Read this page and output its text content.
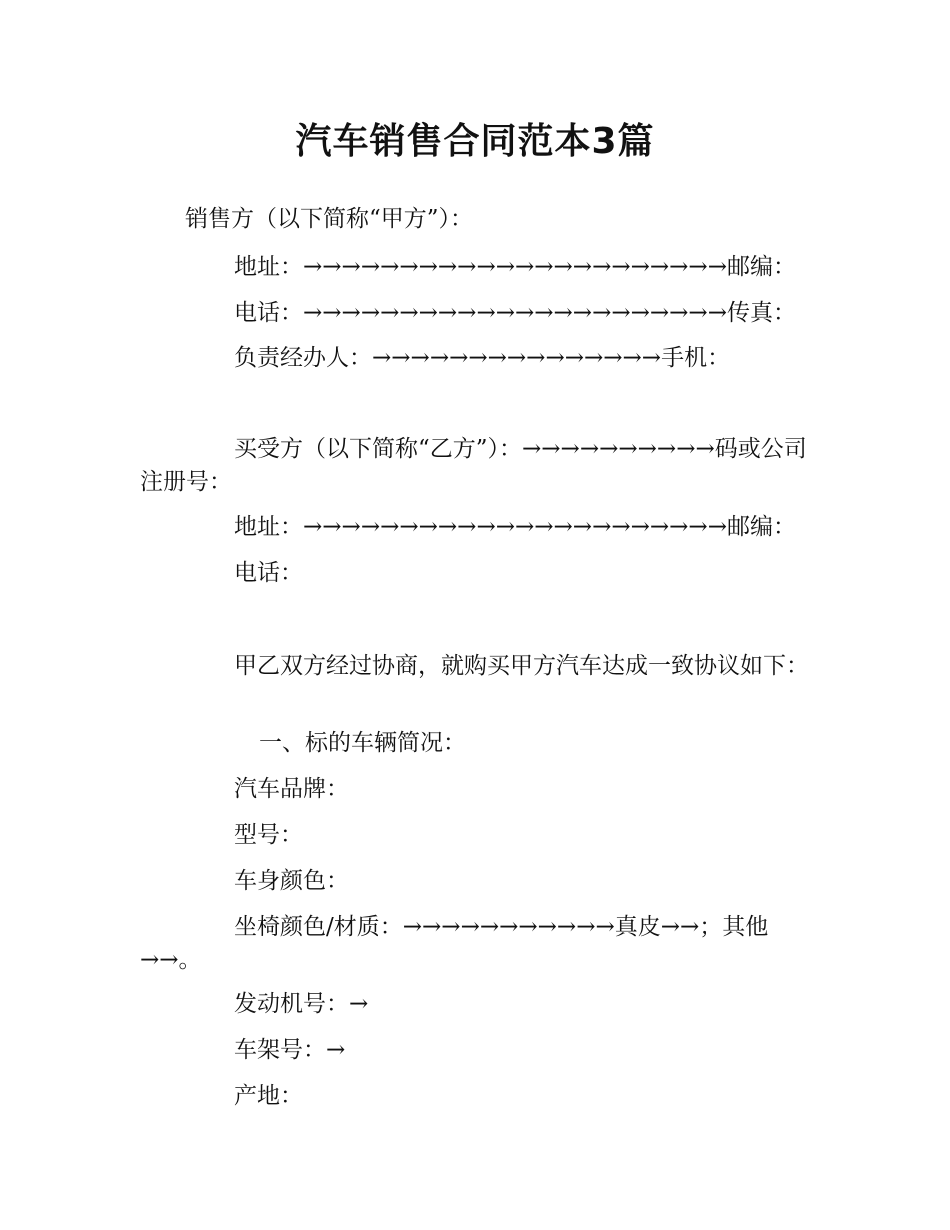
汽车销售合同范本3篇
销售方（以下简称“甲方”）：
地址：→→→→→→→→→→→→→→→→→→→→→→邮编：
电话：→→→→→→→→→→→→→→→→→→→→→→传真：
负责经办人：→→→→→→→→→→→→→→→手机：
买受方（以下简称“乙方”）：→→→→→→→→→→码或公司注册号：
地址：→→→→→→→→→→→→→→→→→→→→→→邮编：
电话：
甲乙双方经过协商，就购买甲方汽车达成一致协议如下：
一、标的车辆简况：
汽车品牌：
型号：
车身颜色：
坐椅颜色/材质：→→→→→→→→→→→真皮→→；其他→→。
发动机号：→
车架号：→
产地：
